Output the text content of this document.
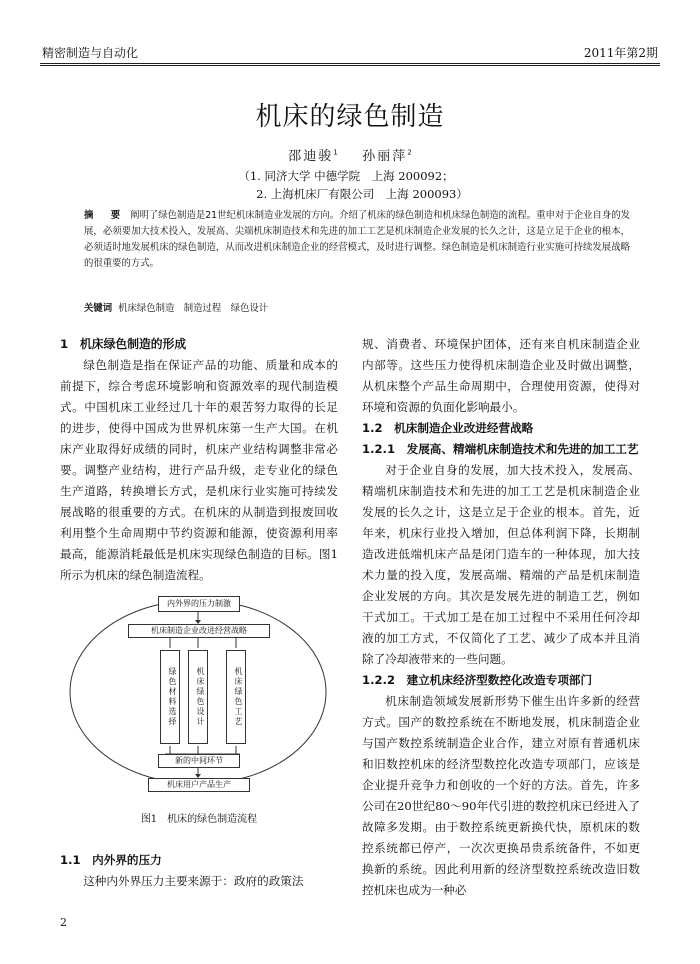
精密制造与自动化	2011年第2期
机床的绿色制造
邵迪骏$^1$ 孙丽萍$^2$
（1. 同济大学 中德学院　上海 200092；
2. 上海机床厂有限公司　上海 200093）
摘　要 阐明了绿色制造是21世纪机床制造业发展的方向。介绍了机床的绿色制造和机床绿色制造的流程。重申对于企业自身的发展，必须要加大技术投入，发展高、尖端机床制造技术和先进的加工工艺是机床制造企业发展的长久之计，这是立足于企业的根本，必须适时地发展机床的绿色制造，从而改进机床制造企业的经营模式，及时进行调整。绿色制造是机床制造行业实施可持续发展战略的很重要的方式。
关键词 机床绿色制造　制造过程　绿色设计
1　机床绿色制造的形成

绿色制造是指在保证产品的功能、质量和成本的前提下，综合考虑环境影响和资源效率的现代制造模式。中国机床工业经过几十年的艰苦努力取得的长足的进步，使得中国成为世界机床第一生产大国。在机床产业取得好成绩的同时，机床产业结构调整非常必要。调整产业结构，进行产品升级，走专业化的绿色生产道路，转换增长方式，是机床行业实施可持续发展战略的很重要的方式。在机床的从制造到报废回收利用整个生命周期中节约资源和能源，使资源利用率最高，能源消耗最低是机床实现绿色制造的目标。图1所示为机床的绿色制造流程。

内外界的压力制激
机床制造企业改进经营战略
绿色材料选择	机床绿色设计	机床绿色工艺
新的中间环节
机床用户产品生产
图1　机床的绿色制造流程
1.1　内外界的压力

这种内外界压力主要来源于：政府的政策法

规、消费者、环境保护团体，还有来自机床制造企业内部等。这些压力使得机床制造企业及时做出调整，从机床整个产品生命周期中，合理使用资源，使得对环境和资源的负面化影响最小。

1.2　机床制造企业改进经营战略
1.2.1　发展高、精端机床制造技术和先进的加工工艺

对于企业自身的发展，加大技术投入，发展高、精端机床制造技术和先进的加工工艺是机床制造企业发展的长久之计，这是立足于企业的根本。首先，近年来，机床行业投入增加，但总体利润下降，长期制造改进低端机床产品是闭门造车的一种体现，加大技术力量的投入度，发展高端、精端的产品是机床制造企业发展的方向。其次是发展先进的制造工艺，例如干式加工。干式加工是在加工过程中不采用任何冷却液的加工方式，不仅简化了工艺、减少了成本并且消除了冷却液带来的一些问题。

1.2.2　建立机床经济型数控化改造专项部门

机床制造领域发展新形势下催生出许多新的经营方式。国产的数控系统在不断地发展，机床制造企业与国产数控系统制造企业合作，建立对原有普通机床和旧数控机床的经济型数控化改造专项部门，应该是企业提升竞争力和创收的一个好的方法。首先，许多公司在20世纪80～90年代引进的数控机床已经进入了故障多发期。由于数控系统更新换代快，原机床的数控系统都已停产，一次次更换昂贵系统备件，不如更换新的系统。因此利用新的经济型数控系统改造旧数控机床也成为一种必

2
